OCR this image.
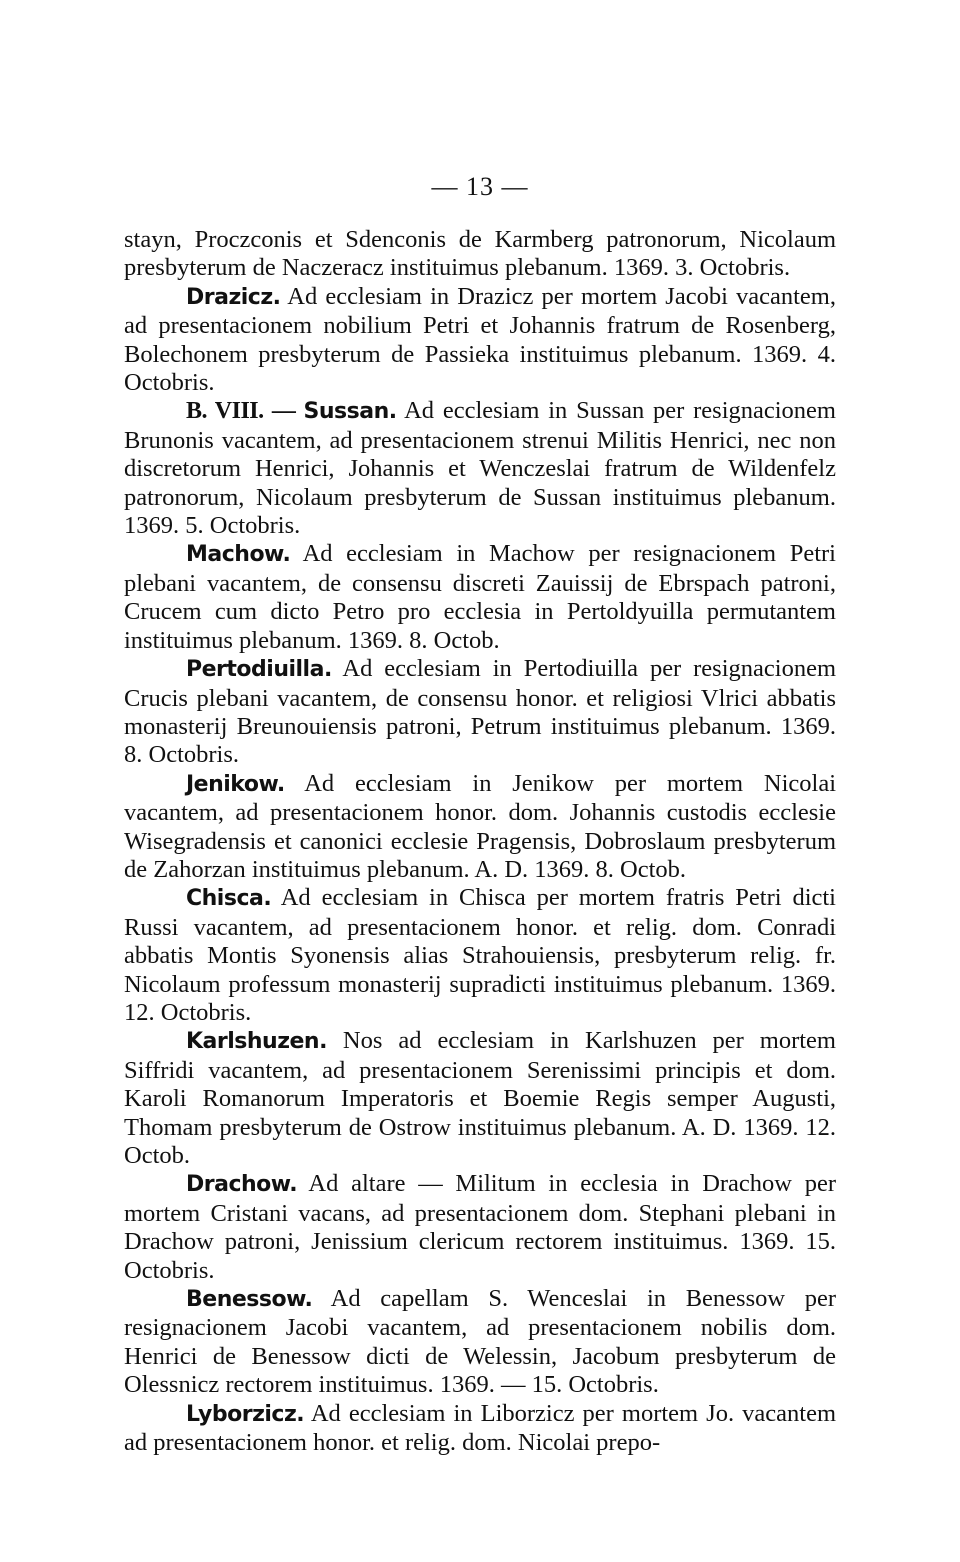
— 13 —

stayn, Proczconis et Sdenconis de Karmberg patronorum, Nicolaum presbyterum de Naczeracz instituimus plebanum. 1369. 3. Octobris.

Drazicz. Ad ecclesiam in Drazicz per mortem Jacobi vacantem, ad presentacionem nobilium Petri et Johannis fratrum de Rosenberg, Bolechonem presbyterum de Passieka instituimus plebanum. 1369. 4. Octobris.

B. VIII. — Sussan. Ad ecclesiam in Sussan per resignacionem Brunonis vacantem, ad presentacionem strenui Militis Henrici, nec non discretorum Henrici, Johannis et Wenczeslai fratrum de Wildenfelz patronorum, Nicolaum presbyterum de Sussan instituimus plebanum. 1369. 5. Octobris.

Machow. Ad ecclesiam in Machow per resignacionem Petri plebani vacantem, de consensu discreti Zauissij de Ebrspach patroni, Crucem cum dicto Petro pro ecclesia in Pertoldyuilla permutantem instituimus plebanum. 1369. 8. Octob.

Pertodiuilla. Ad ecclesiam in Pertodiuilla per resignacionem Crucis plebani vacantem, de consensu honor. et religiosi Vlrici abbatis monasterij Breunouiensis patroni, Petrum instituimus plebanum. 1369. 8. Octobris.

Jenikow. Ad ecclesiam in Jenikow per mortem Nicolai vacantem, ad presentacionem honor. dom. Johannis custodis ecclesie Wisegradensis et canonici ecclesie Pragensis, Dobroslaum presbyterum de Zahorzan instituimus plebanum. A. D. 1369. 8. Octob.

Chisca. Ad ecclesiam in Chisca per mortem fratris Petri dicti Russi vacantem, ad presentacionem honor. et relig. dom. Conradi abbatis Montis Syonensis alias Strahouiensis, presbyterum relig. fr. Nicolaum professum monasterij supradicti instituimus plebanum. 1369. 12. Octobris.

Karlshuzen. Nos ad ecclesiam in Karlshuzen per mortem Siffridi vacantem, ad presentacionem Serenissimi principis et dom. Karoli Romanorum Imperatoris et Boemie Regis semper Augusti, Thomam presbyterum de Ostrow instituimus plebanum. A. D. 1369. 12. Octob.

Drachow. Ad altare — Militum in ecclesia in Drachow per mortem Cristani vacans, ad presentacionem dom. Stephani plebani in Drachow patroni, Jenissium clericum rectorem instituimus. 1369. 15. Octobris.

Benessow. Ad capellam S. Wenceslai in Benessow per resignacionem Jacobi vacantem, ad presentacionem nobilis dom. Henrici de Benessow dicti de Welessin, Jacobum presbyterum de Olessnicz rectorem instituimus. 1369. — 15. Octobris.

Lyborzicz. Ad ecclesiam in Liborzicz per mortem Jo. vacantem ad presentacionem honor. et relig. dom. Nicolai prepo-
